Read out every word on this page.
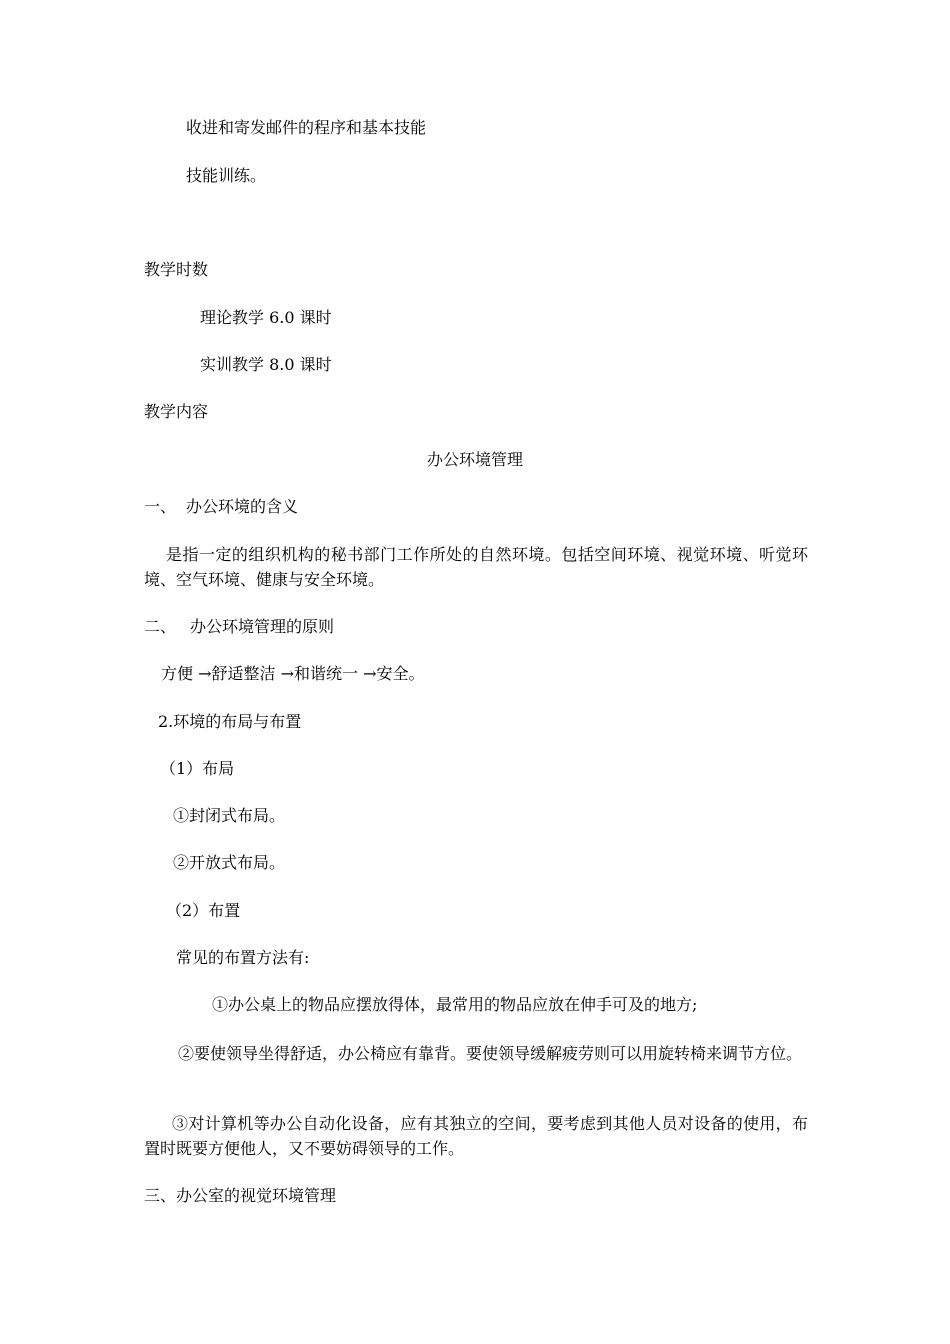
收进和寄发邮件的程序和基本技能
技能训练。
教学时数
理论教学 6.0 课时
实训教学 8.0 课时
教学内容
办公环境管理
一、 办公环境的含义
是指一定的组织机构的秘书部门工作所处的自然环境。包括空间环境、视觉环境、听觉环境、空气环境、健康与安全环境。
二、 办公环境管理的原则
方便 →舒适整洁 →和谐统一 →安全。
2.环境的布局与布置
（1）布局
①封闭式布局。
②开放式布局。
（2）布置
常见的布置方法有:
①办公桌上的物品应摆放得体，最常用的物品应放在伸手可及的地方;
②要使领导坐得舒适，办公椅应有靠背。要使领导缓解疲劳则可以用旋转椅来调节方位。
③对计算机等办公自动化设备，应有其独立的空间，要考虑到其他人员对设备的使用，布置时既要方便他人，又不要妨碍领导的工作。
三、办公室的视觉环境管理
